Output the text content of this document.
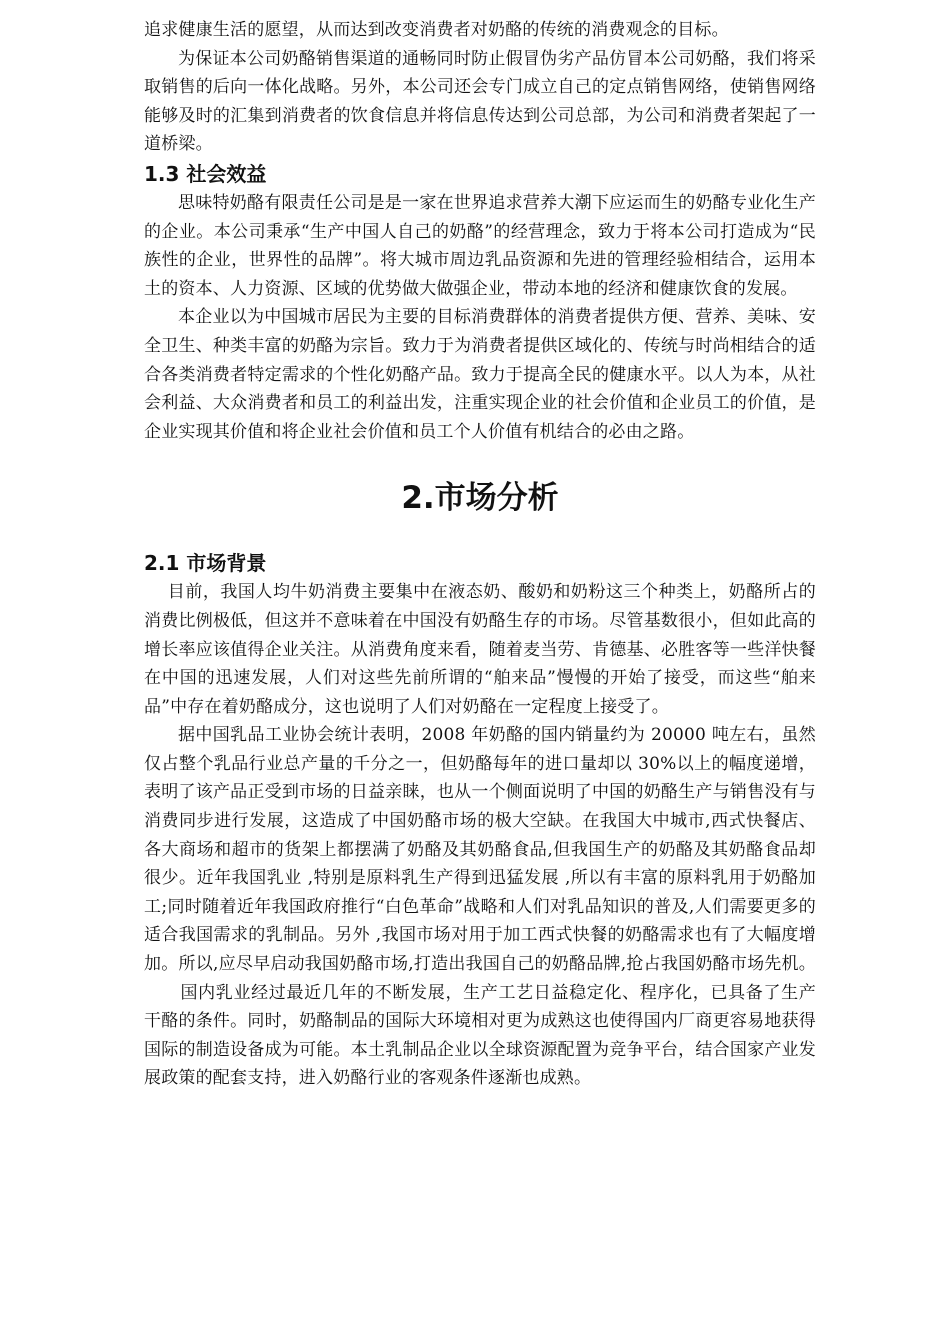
追求健康生活的愿望，从而达到改变消费者对奶酪的传统的消费观念的目标。

为保证本公司奶酪销售渠道的通畅同时防止假冒伪劣产品仿冒本公司奶酪，我们将采取销售的后向一体化战略。另外，本公司还会专门成立自己的定点销售网络，使销售网络能够及时的汇集到消费者的饮食信息并将信息传达到公司总部，为公司和消费者架起了一道桥梁。

1.3 社会效益

思味特奶酪有限责任公司是是一家在世界追求营养大潮下应运而生的奶酪专业化生产的企业。本公司秉承“生产中国人自己的奶酪”的经营理念，致力于将本公司打造成为“民族性的企业，世界性的品牌”。将大城市周边乳品资源和先进的管理经验相结合，运用本土的资本、人力资源、区域的优势做大做强企业，带动本地的经济和健康饮食的发展。

本企业以为中国城市居民为主要的目标消费群体的消费者提供方便、营养、美味、安全卫生、种类丰富的奶酪为宗旨。致力于为消费者提供区域化的、传统与时尚相结合的适合各类消费者特定需求的个性化奶酪产品。致力于提高全民的健康水平。以人为本，从社会利益、大众消费者和员工的利益出发，注重实现企业的社会价值和企业员工的价值，是企业实现其价值和将企业社会价值和员工个人价值有机结合的必由之路。

2.市场分析
2.1 市场背景

目前，我国人均牛奶消费主要集中在液态奶、酸奶和奶粉这三个种类上，奶酪所占的消费比例极低，但这并不意味着在中国没有奶酪生存的市场。尽管基数很小，但如此高的增长率应该值得企业关注。从消费角度来看，随着麦当劳、肯德基、必胜客等一些洋快餐在中国的迅速发展，人们对这些先前所谓的“舶来品”慢慢的开始了接受，而这些“舶来品”中存在着奶酪成分，这也说明了人们对奶酪在一定程度上接受了。

据中国乳品工业协会统计表明，2008 年奶酪的国内销量约为 20000 吨左右，虽然仅占整个乳品行业总产量的千分之一，但奶酪每年的进口量却以 30%以上的幅度递增，表明了该产品正受到市场的日益亲睐，也从一个侧面说明了中国的奶酪生产与销售没有与消费同步进行发展，这造成了中国奶酪市场的极大空缺。在我国大中城市,西式快餐店、各大商场和超市的货架上都摆满了奶酪及其奶酪食品,但我国生产的奶酪及其奶酪食品却很少。近年我国乳业 ,特别是原料乳生产得到迅猛发展 ,所以有丰富的原料乳用于奶酪加工;同时随着近年我国政府推行“白色革命”战略和人们对乳品知识的普及,人们需要更多的适合我国需求的乳制品。另外 ,我国市场对用于加工西式快餐的奶酪需求也有了大幅度增加。所以,应尽早启动我国奶酪市场,打造出我国自己的奶酪品牌,抢占我国奶酪市场先机。国内乳业经过最近几年的不断发展，生产工艺日益稳定化、程序化，已具备了生产干酪的条件。同时，奶酪制品的国际大环境相对更为成熟这也使得国内厂商更容易地获得国际的制造设备成为可能。本土乳制品企业以全球资源配置为竞争平台，结合国家产业发展政策的配套支持，进入奶酪行业的客观条件逐渐也成熟。
